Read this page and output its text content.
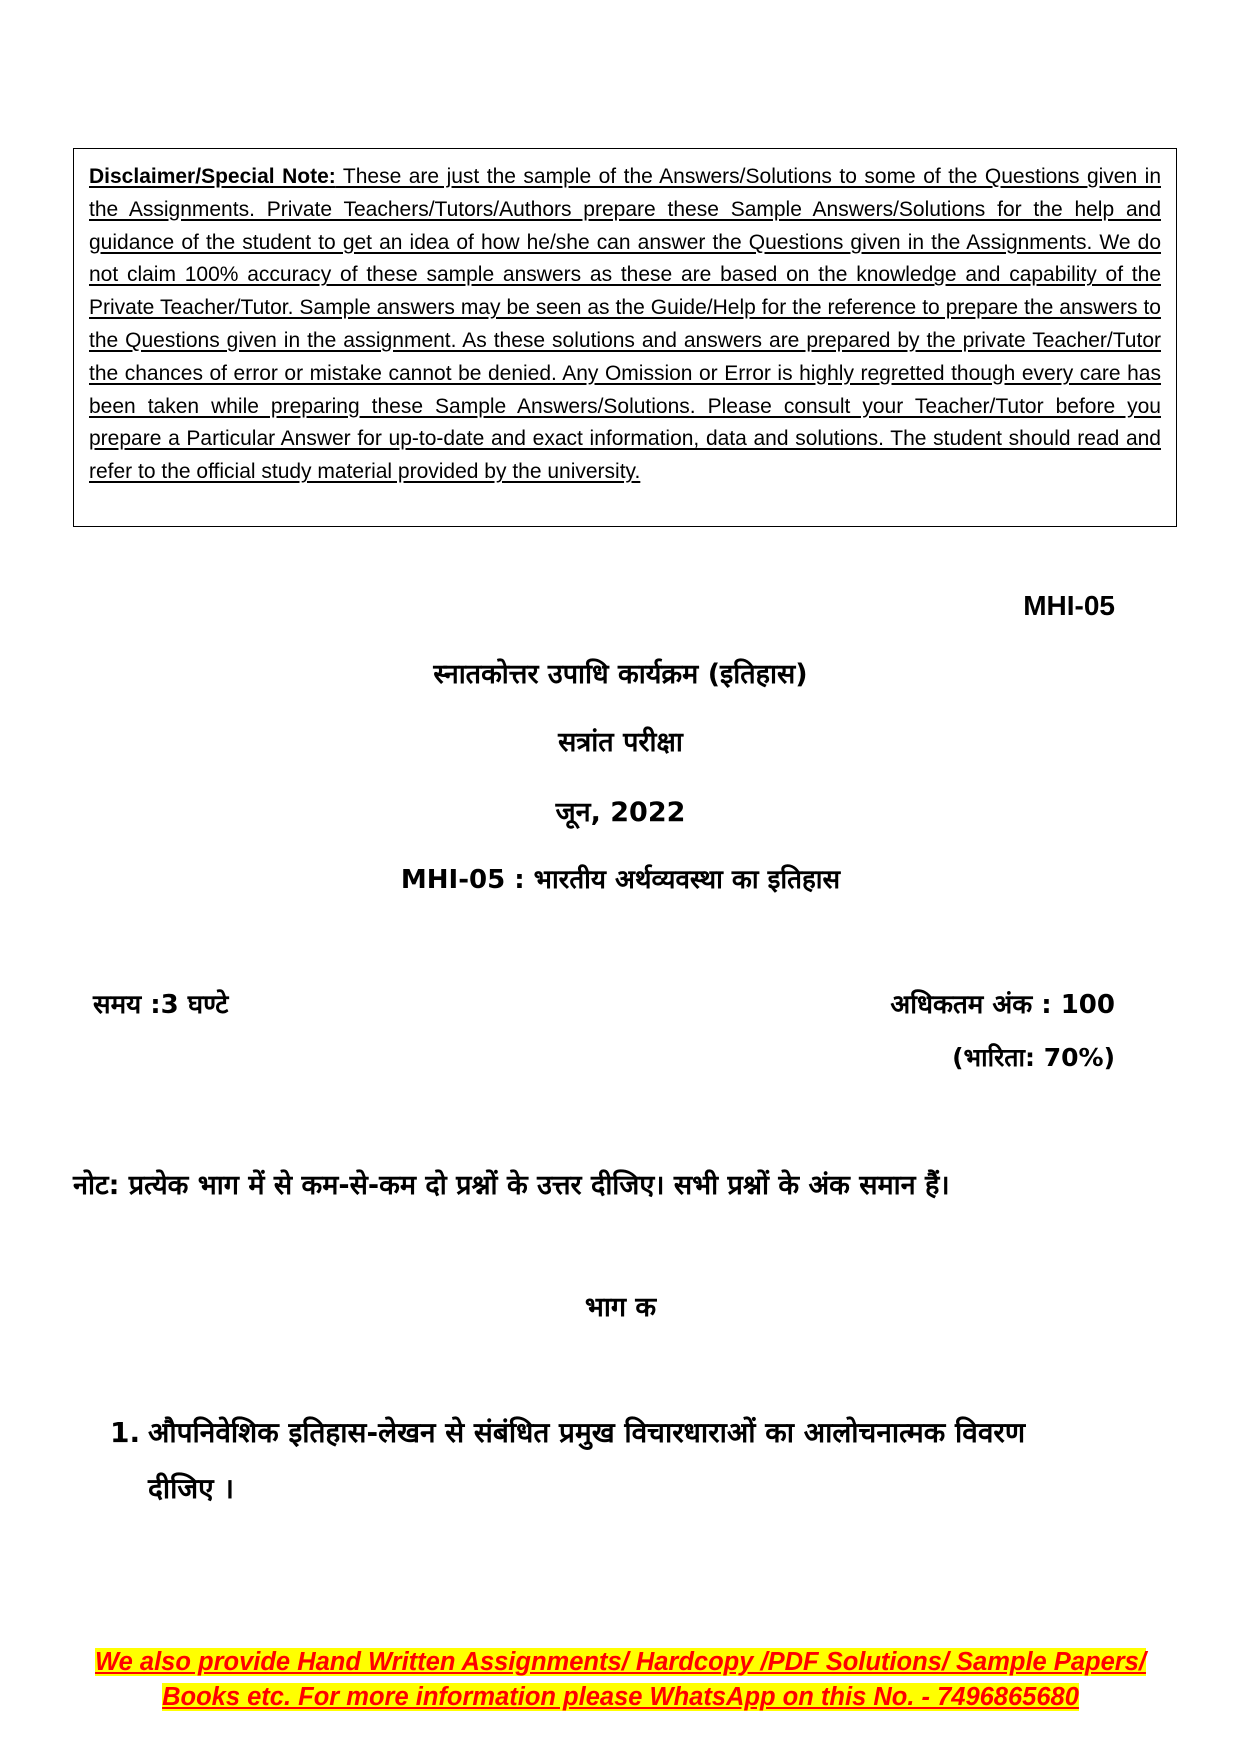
Disclaimer/Special Note: These are just the sample of the Answers/Solutions to some of the Questions given in the Assignments. Private Teachers/Tutors/Authors prepare these Sample Answers/Solutions for the help and guidance of the student to get an idea of how he/she can answer the Questions given in the Assignments. We do not claim 100% accuracy of these sample answers as these are based on the knowledge and capability of the Private Teacher/Tutor. Sample answers may be seen as the Guide/Help for the reference to prepare the answers to the Questions given in the assignment. As these solutions and answers are prepared by the private Teacher/Tutor the chances of error or mistake cannot be denied. Any Omission or Error is highly regretted though every care has been taken while preparing these Sample Answers/Solutions. Please consult your Teacher/Tutor before you prepare a Particular Answer for up-to-date and exact information, data and solutions. The student should read and refer to the official study material provided by the university.
MHI-05
स्नातकोत्तर उपाधि कार्यक्रम (इतिहास)
सत्रांत परीक्षा
जून, 2022
MHI-05 : भारतीय अर्थव्यवस्था का इतिहास
समय :3 घण्टे	अधिकतम अंक : 100
(भारिता: 70%)
नोट: प्रत्येक भाग में से कम-से-कम दो प्रश्नों के उत्तर दीजिए। सभी प्रश्नों के अंक समान हैं।
भाग क
1. औपनिवेशिक इतिहास-लेखन से संबंधित प्रमुख विचारधाराओं का आलोचनात्मक विवरण दीजिए ।
We also provide Hand Written Assignments/ Hardcopy /PDF Solutions/ Sample Papers/
Books etc. For more information please WhatsApp on this No. - 7496865680
